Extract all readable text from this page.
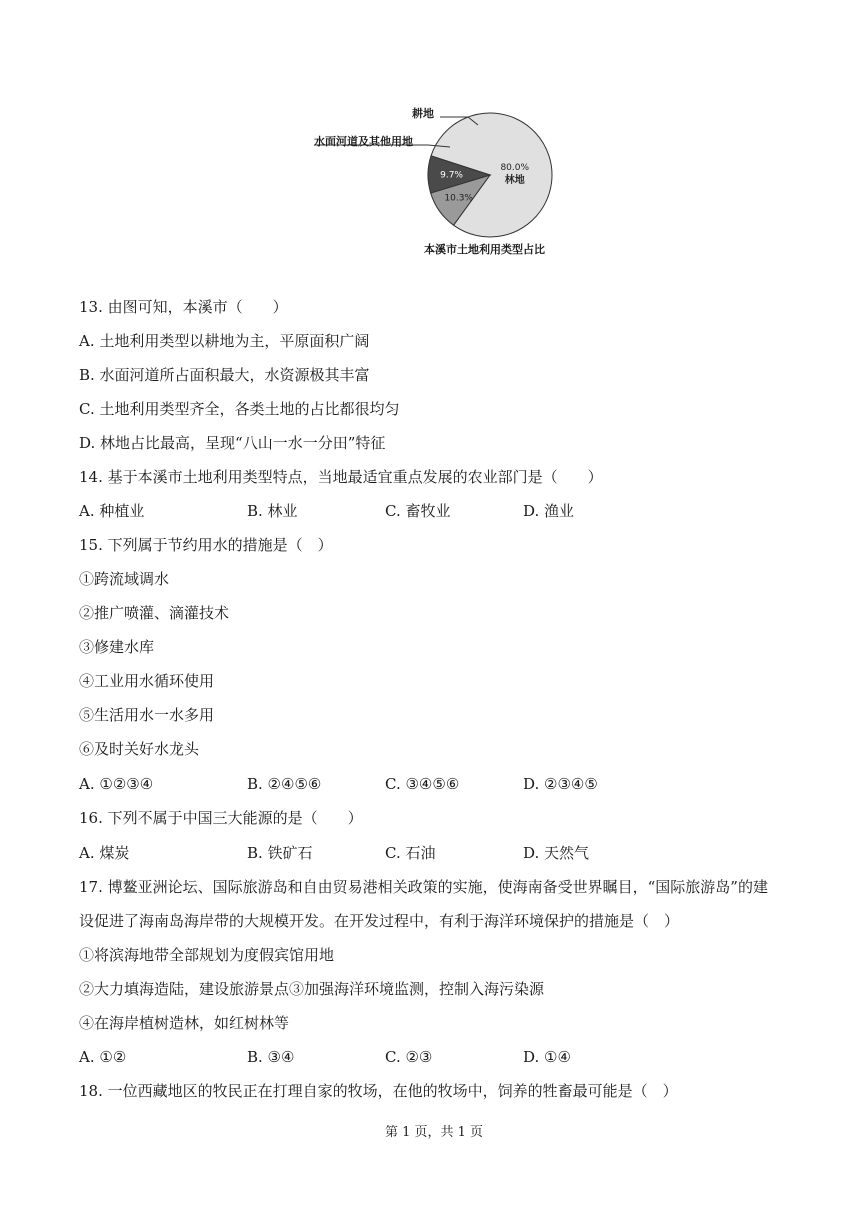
80.0%
林地
10.3%
9.7%
耕地
水面河道及其他用地
本溪市土地利用类型占比
13. 由图可知，本溪市（　　）
A. 土地利用类型以耕地为主，平原面积广阔
B. 水面河道所占面积最大，水资源极其丰富
C. 土地利用类型齐全，各类土地的占比都很均匀
D. 林地占比最高，呈现“八山一水一分田”特征
14. 基于本溪市土地利用类型特点，当地最适宜重点发展的农业部门是（　　）
A. 种植业	B. 林业	C. 畜牧业	D. 渔业
15. 下列属于节约用水的措施是（　）
①跨流域调水
②推广喷灌、滴灌技术
③修建水库
④工业用水循环使用
⑤生活用水一水多用
⑥及时关好水龙头
A. ①②③④	B. ②④⑤⑥	C. ③④⑤⑥	D. ②③④⑤
16. 下列不属于中国三大能源的是（　　）
A. 煤炭	B. 铁矿石	C. 石油	D. 天然气
17. 博鳌亚洲论坛、国际旅游岛和自由贸易港相关政策的实施，使海南备受世界瞩目，“国际旅游岛”的建
设促进了海南岛海岸带的大规模开发。在开发过程中，有利于海洋环境保护的措施是（　）
①将滨海地带全部规划为度假宾馆用地
②大力填海造陆，建设旅游景点③加强海洋环境监测，控制入海污染源
④在海岸植树造林，如红树林等
A. ①②	B. ③④	C. ②③	D. ①④
18. 一位西藏地区的牧民正在打理自家的牧场，在他的牧场中，饲养的牲畜最可能是（　）
第 1 页，共 1 页
